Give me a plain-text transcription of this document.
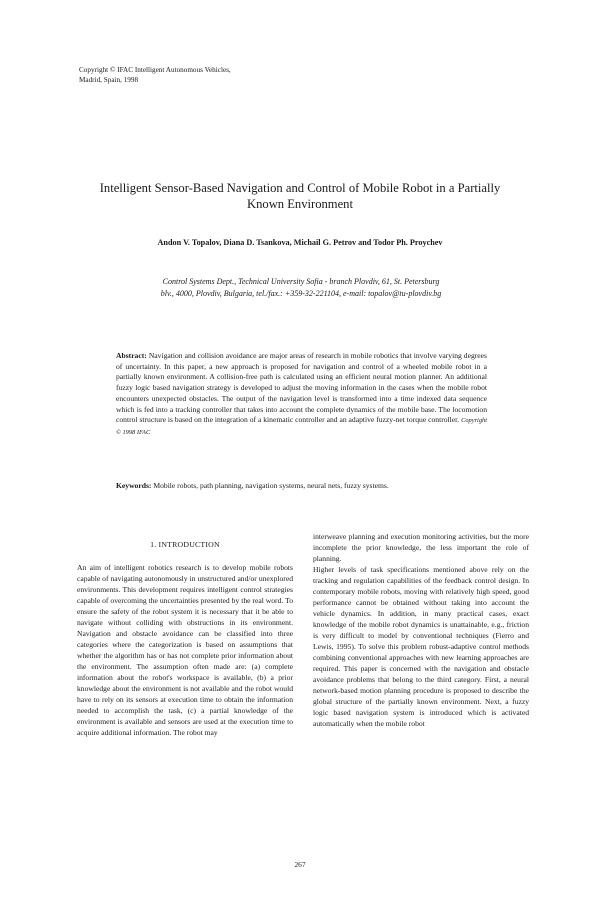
Copyright © IFAC Intelligent Autonomous Vehicles,
Madrid, Spain, 1998
Intelligent Sensor-Based Navigation and Control of Mobile Robot in a Partially
Known Environment
Andon V. Topalov, Diana D. Tsankova, Michail G. Petrov and Todor Ph. Proychev
Control Systems Dept., Technical University Sofia - branch Plovdiv, 61, St. Petersburg
blv., 4000, Plovdiv, Bulgaria, tel./fax.: +359-32-221104, e-mail: topalov@tu-plovdiv.bg
Abstract: Navigation and collision avoidance are major areas of research in mobile robotics that involve varying degrees of uncertainty. In this paper, a new approach is proposed for navigation and control of a wheeled mobile robot in a partially known environment. A collision-free path is calculated using an efficient neural motion planner. An additional fuzzy logic based navigation strategy is developed to adjust the moving information in the cases when the mobile robot encounters unexpected obstacles. The output of the navigation level is transformed into a time indexed data sequence which is fed into a tracking controller that takes into account the complete dynamics of the mobile base. The locomotion control structure is based on the integration of a kinematic controller and an adaptive fuzzy-net torque controller. Copyright © 1998 IFAC
Keywords: Mobile robots, path planning, navigation systems, neural nets, fuzzy systems.
1. INTRODUCTION

An aim of intelligent robotics research is to develop mobile robots capable of navigating autonomously in unstructured and/or unexplored environments. This development requires intelligent control strategies capable of overcoming the uncertainties presented by the real word. To ensure the safety of the robot system it is necessary that it be able to navigate without colliding with obstructions in its environment. Navigation and obstacle avoidance can be classified into three categories where the categorization is based on assumptions that whether the algorithm has or has not complete prior information about the environment. The assumption often made are: (a) complete information about the robot's workspace is available, (b) a prior knowledge about the environment is not available and the robot would have to rely on its sensors at execution time to obtain the information needed to accomplish the task, (c) a partial knowledge of the environment is available and sensors are used at the execution time to acquire additional information. The robot may

interweave planning and execution monitoring activities, but the more incomplete the prior knowledge, the less important the role of planning.

Higher levels of task specifications mentioned above rely on the tracking and regulation capabilities of the feedback control design. In contemporary mobile robots, moving with relatively high speed, good performance cannot be obtained without taking into account the vehicle dynamics. In addition, in many practical cases, exact knowledge of the mobile robot dynamics is unattainable, e.g., friction is very difficult to model by conventional techniques (Fierro and Lewis, 1995). To solve this problem robust-adaptive control methods combining conventional approaches with new learning approaches are required. This paper is concerned with the navigation and obstacle avoidance problems that belong to the third category. First, a neural network-based motion planning procedure is proposed to describe the global structure of the partially known environment. Next, a fuzzy logic based navigation system is introduced which is activated automatically when the mobile robot

267
